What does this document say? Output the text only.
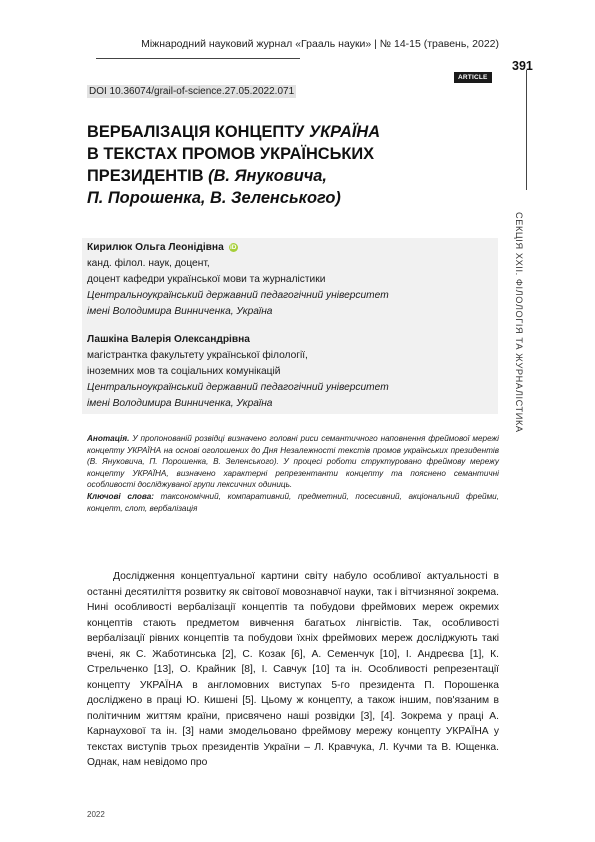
Міжнародний науковий журнал «Грааль науки» | № 14-15 (травень, 2022)
391
ARTICLE
DOI 10.36074/grail-of-science.27.05.2022.071
ВЕРБАЛІЗАЦІЯ КОНЦЕПТУ УКРАЇНА
В ТЕКСТАХ ПРОМОВ УКРАЇНСЬКИХ
ПРЕЗИДЕНТІВ (В. Януковича,
П. Порошенка, В. Зеленського)
СЕКЦІЯ XXII. ФІЛОЛОГІЯ ТА ЖУРНАЛІСТИКА
Кирилюк Ольга Леонідівна iD
канд. філол. наук, доцент,
доцент кафедри української мови та журналістики
Центральноукраїнський державний педагогічний університет
імені Володимира Винниченка, Україна
Лашкіна Валерія Олександрівна
магістрантка факультету української філології,
іноземних мов та соціальних комунікацій
Центральноукраїнський державний педагогічний університет
імені Володимира Винниченка, Україна
Анотація. У пропонованій розвідці визначено головні риси семантичного наповнення фреймової мережі концепту УКРАЇНА на основі оголошених до Дня Незалежності текстів промов українських президентів (В. Януковича, П. Порошенка, В. Зеленського). У процесі роботи структуровано фреймову мережу концепту УКРАЇНА, визначено характерні репрезентанти концепту та пояснено семантичні особливості досліджуваної групи лексичних одиниць.
Ключові слова: таксономічний, компаративний, предметний, посесивний, акціональний фрейми, концепт, слот, вербалізація

Дослідження концептуальної картини світу набуло особливої актуальності в останні десятиліття розвитку як світової мовознавчої науки, так і вітчизняної зокрема. Нині особливості вербалізації концептів та побудови фреймових мереж окремих концептів стають предметом вивчення багатьох лінгвістів. Так, особливості вербалізації рівних концептів та побудови їхніх фреймових мереж досліджують такі вчені, як С. Жаботинська [2], С. Козак [6], А. Семенчук [10], І. Андреєва [1], К. Стрельченко [13], О. Крайник [8], І. Савчук [10] та ін. Особливості репрезентації концепту УКРАЇНА в англомовних виступах 5-го президента П. Порошенка досліджено в праці Ю. Кишені [5]. Цьому ж концепту, а також іншим, пов'язаним в політичним життям країни, присвячено наші розвідки [3], [4]. Зокрема у праці А. Карнаухової та ін. [3] нами змодельовано фреймову мережу концепту УКРАЇНА у текстах виступів трьох президентів України – Л. Кравчука, Л. Кучми та В. Ющенка. Однак, нам невідомо про

2022
